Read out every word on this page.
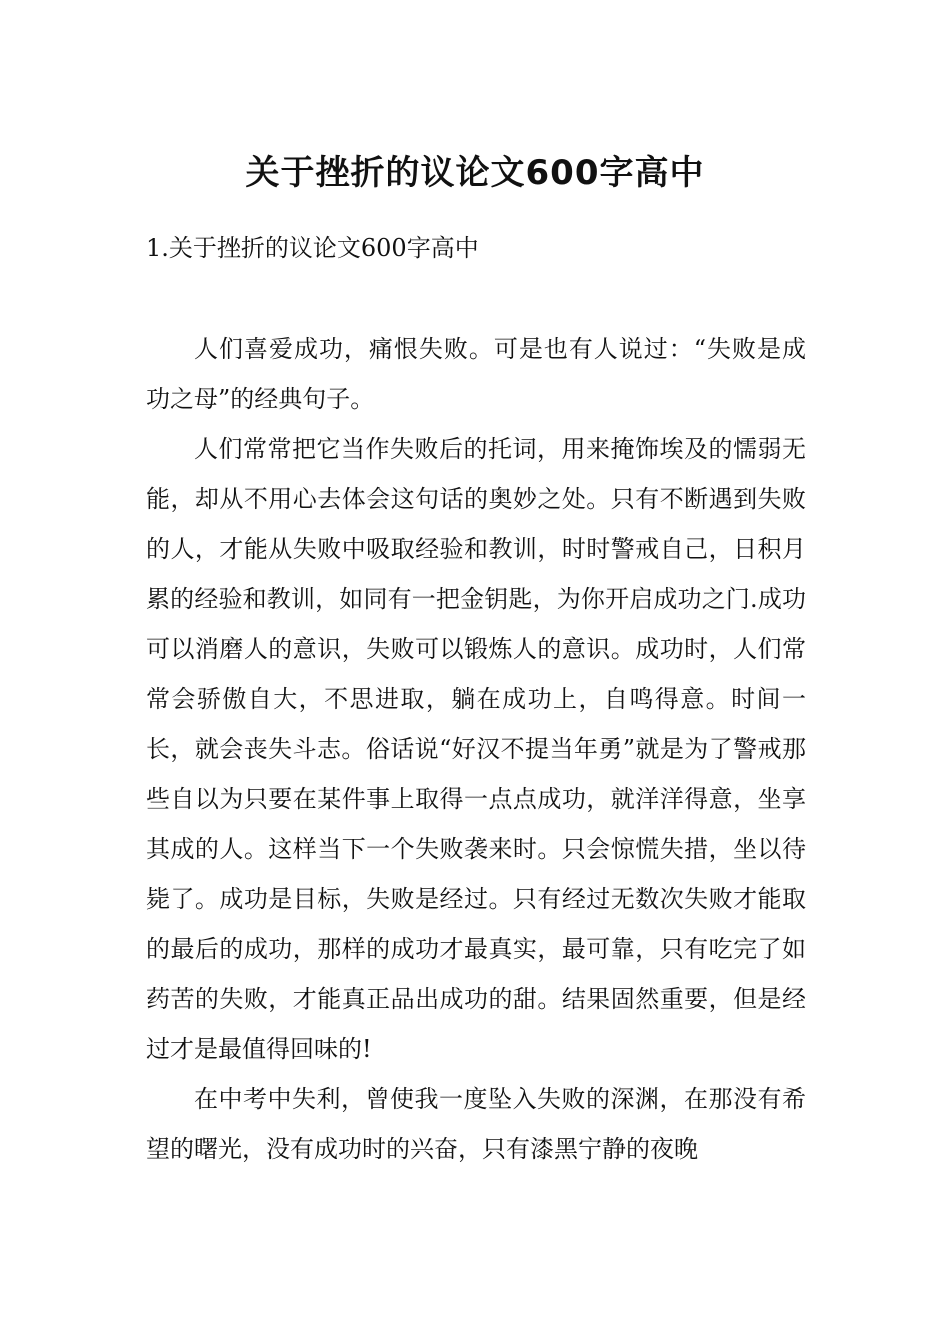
关于挫折的议论文600字高中
1.关于挫折的议论文600字高中

人们喜爱成功，痛恨失败。可是也有人说过：“失败是成功之母”的经典句子。

人们常常把它当作失败后的托词，用来掩饰埃及的懦弱无能，却从不用心去体会这句话的奥妙之处。只有不断遇到失败的人，才能从失败中吸取经验和教训，时时警戒自己，日积月累的经验和教训，如同有一把金钥匙，为你开启成功之门.成功可以消磨人的意识，失败可以锻炼人的意识。成功时，人们常常会骄傲自大，不思进取，躺在成功上，自鸣得意。时间一长，就会丧失斗志。俗话说“好汉不提当年勇”就是为了警戒那些自以为只要在某件事上取得一点点成功，就洋洋得意，坐享其成的人。这样当下一个失败袭来时。只会惊慌失措，坐以待毙了。成功是目标，失败是经过。只有经过无数次失败才能取的最后的成功，那样的成功才最真实，最可靠，只有吃完了如药苦的失败，才能真正品出成功的甜。结果固然重要，但是经过才是最值得回味的!

在中考中失利，曾使我一度坠入失败的深渊，在那没有希望的曙光，没有成功时的兴奋，只有漆黑宁静的夜晚
